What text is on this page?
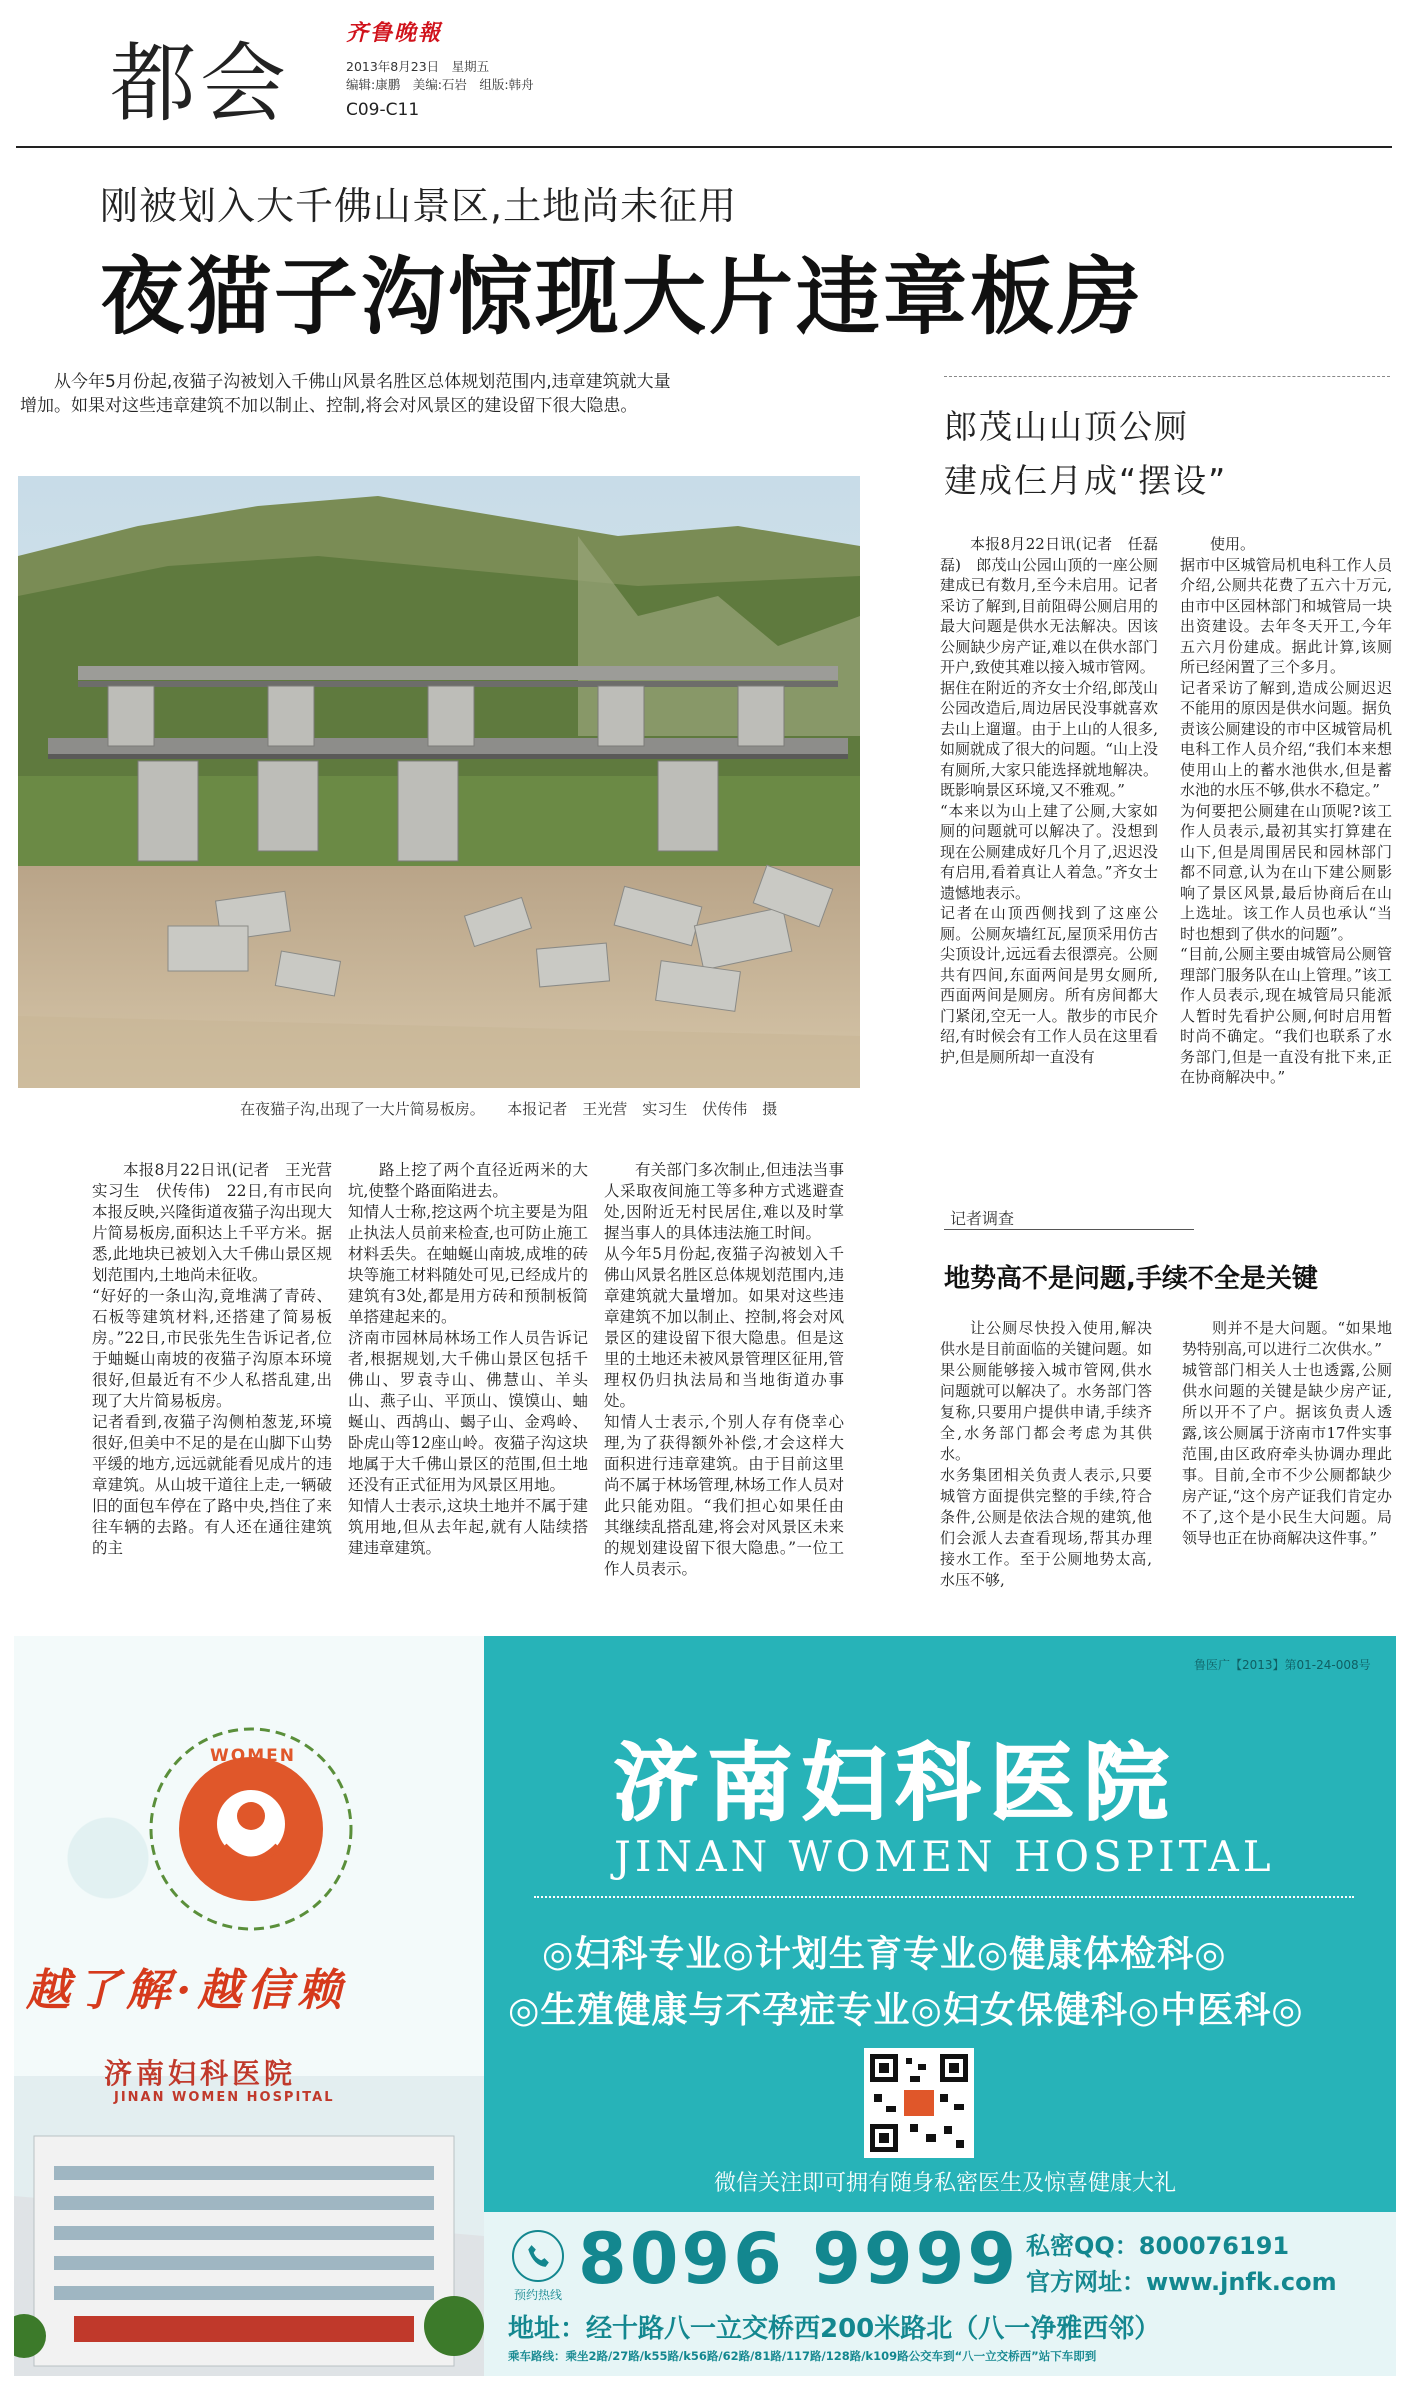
都会
齐鲁晚報
2013年8月23日　星期五
编辑:康鹏　美编:石岩　组版:韩舟
C09-C11
刚被划入大千佛山景区,土地尚未征用
夜猫子沟惊现大片违章板房
从今年5月份起,夜猫子沟被划入千佛山风景名胜区总体规划范围内,违章建筑就大量增加。如果对这些违章建筑不加以制止、控制,将会对风景区的建设留下很大隐患。
在夜猫子沟,出现了一大片简易板房。　　本报记者　王光营　实习生　伏传伟　摄

本报8月22日讯(记者　王光营　实习生　伏传伟)　22日,有市民向本报反映,兴隆街道夜猫子沟出现大片简易板房,面积达上千平方米。据悉,此地块已被划入大千佛山景区规划范围内,土地尚未征收。
“好好的一条山沟,竟堆满了青砖、石板等建筑材料,还搭建了简易板房。”22日,市民张先生告诉记者,位于蚰蜒山南坡的夜猫子沟原本环境很好,但最近有不少人私搭乱建,出现了大片简易板房。
记者看到,夜猫子沟侧柏葱茏,环境很好,但美中不足的是在山脚下山势平缓的地方,远远就能看见成片的违章建筑。从山坡干道往上走,一辆破旧的面包车停在了路中央,挡住了来往车辆的去路。有人还在通往建筑的主

路上挖了两个直径近两米的大坑,使整个路面陷进去。
知情人士称,挖这两个坑主要是为阻止执法人员前来检查,也可防止施工材料丢失。在蚰蜒山南坡,成堆的砖块等施工材料随处可见,已经成片的建筑有3处,都是用方砖和预制板简单搭建起来的。
济南市园林局林场工作人员告诉记者,根据规划,大千佛山景区包括千佛山、罗袁寺山、佛慧山、羊头山、燕子山、平顶山、馍馍山、蚰蜒山、西鸪山、蝎子山、金鸡岭、卧虎山等12座山岭。夜猫子沟这块地属于大千佛山景区的范围,但土地还没有正式征用为风景区用地。
知情人士表示,这块土地并不属于建筑用地,但从去年起,就有人陆续搭建违章建筑。

有关部门多次制止,但违法当事人采取夜间施工等多种方式逃避查处,因附近无村民居住,难以及时掌握当事人的具体违法施工时间。
从今年5月份起,夜猫子沟被划入千佛山风景名胜区总体规划范围内,违章建筑就大量增加。如果对这些违章建筑不加以制止、控制,将会对风景区的建设留下很大隐患。但是这里的土地还未被风景管理区征用,管理权仍归执法局和当地街道办事处。
知情人士表示,个别人存有侥幸心理,为了获得额外补偿,才会这样大面积进行违章建筑。由于目前这里尚不属于林场管理,林场工作人员对此只能劝阻。“我们担心如果任由其继续乱搭乱建,将会对风景区未来的规划建设留下很大隐患。”一位工作人员表示。

郎茂山山顶公厕
建成仨月成“摆设”

本报8月22日讯(记者　任磊磊)　郎茂山公园山顶的一座公厕建成已有数月,至今未启用。记者采访了解到,目前阻碍公厕启用的最大问题是供水无法解决。因该公厕缺少房产证,难以在供水部门开户,致使其难以接入城市管网。
据住在附近的齐女士介绍,郎茂山公园改造后,周边居民没事就喜欢去山上遛遛。由于上山的人很多,如厕就成了很大的问题。“山上没有厕所,大家只能选择就地解决。既影响景区环境,又不雅观。”
“本来以为山上建了公厕,大家如厕的问题就可以解决了。没想到现在公厕建成好几个月了,迟迟没有启用,看着真让人着急。”齐女士遗憾地表示。
记者在山顶西侧找到了这座公厕。公厕灰墙红瓦,屋顶采用仿古尖顶设计,远远看去很漂亮。公厕共有四间,东面两间是男女厕所,西面两间是厕房。所有房间都大门紧闭,空无一人。散步的市民介绍,有时候会有工作人员在这里看护,但是厕所却一直没有

使用。
据市中区城管局机电科工作人员介绍,公厕共花费了五六十万元,由市中区园林部门和城管局一块出资建设。去年冬天开工,今年五六月份建成。据此计算,该厕所已经闲置了三个多月。
记者采访了解到,造成公厕迟迟不能用的原因是供水问题。据负责该公厕建设的市中区城管局机电科工作人员介绍,“我们本来想使用山上的蓄水池供水,但是蓄水池的水压不够,供水不稳定。”
为何要把公厕建在山顶呢?该工作人员表示,最初其实打算建在山下,但是周围居民和园林部门都不同意,认为在山下建公厕影响了景区风景,最后协商后在山上选址。该工作人员也承认“当时也想到了供水的问题”。
“目前,公厕主要由城管局公厕管理部门服务队在山上管理。”该工作人员表示,现在城管局只能派人暂时先看护公厕,何时启用暂时尚不确定。“我们也联系了水务部门,但是一直没有批下来,正在协商解决中。”

记者调查
地势高不是问题,手续不全是关键

让公厕尽快投入使用,解决供水是目前面临的关键问题。如果公厕能够接入城市管网,供水问题就可以解决了。水务部门答复称,只要用户提供申请,手续齐全,水务部门都会考虑为其供水。
水务集团相关负责人表示,只要城管方面提供完整的手续,符合条件,公厕是依法合规的建筑,他们会派人去查看现场,帮其办理接水工作。至于公厕地势太高,水压不够,

则并不是大问题。“如果地势特别高,可以进行二次供水。”
城管部门相关人士也透露,公厕供水问题的关键是缺少房产证,所以开不了户。据该负责人透露,该公厕属于济南市17件实事范围,由区政府牵头协调办理此事。目前,全市不少公厕都缺少房产证,“这个房产证我们肯定办不了,这个是小民生大问题。局领导也正在协商解决这件事。”

鲁医广【2013】第01-24-008号
WOMEN
越了解·越信赖
济南妇科医院
JINAN WOMEN HOSPITAL
济南妇科医院
JINAN WOMEN HOSPITAL
◎妇科专业◎计划生育专业◎健康体检科◎
◎生殖健康与不孕症专业◎妇女保健科◎中医科◎
微信关注即可拥有随身私密医生及惊喜健康大礼
预约热线 8096 9999 私密QQ：800076191
官方网址：www.jnfk.com
地址：经十路八一立交桥西200米路北（八一净雅西邻）
乘车路线：乘坐2路/27路/k55路/k56路/62路/81路/117路/128路/k109路公交车到“八一立交桥西”站下车即到
